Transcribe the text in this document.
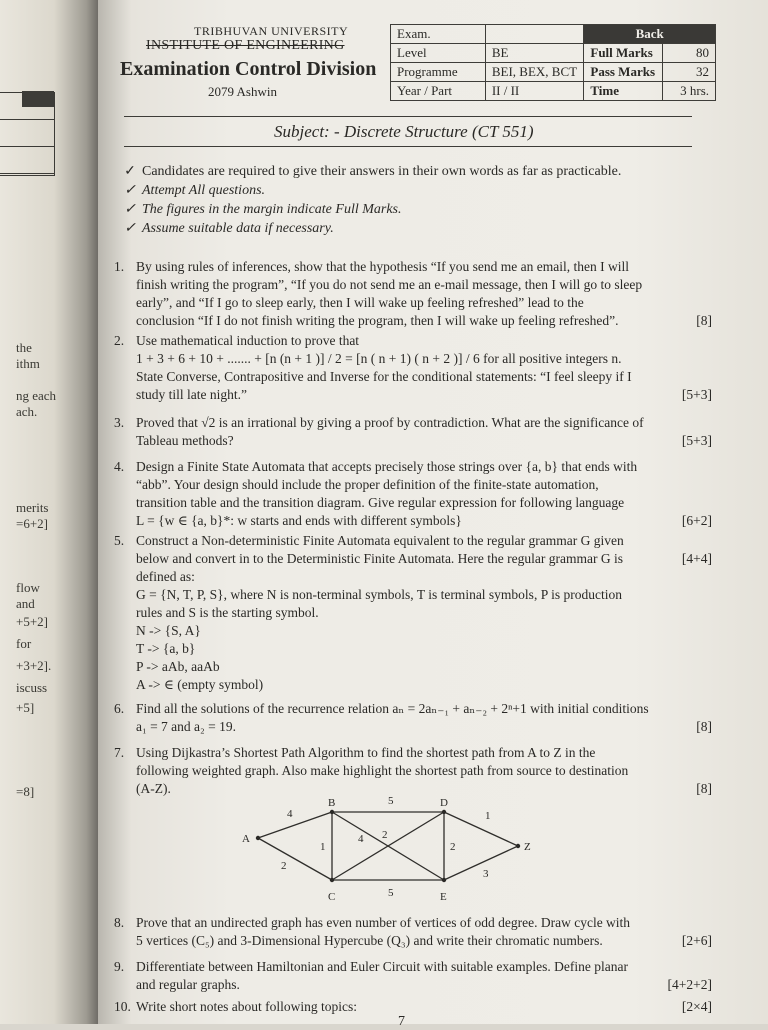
the
ithm
ng each
ach.
merits
=6+2]
flow
and
+5+2]
for
+3+2].
iscuss
+5]
=8]
TRIBHUVAN UNIVERSITY
INSTITUTE OF ENGINEERING
Examination Control Division
2079 Ashwin
Exam.		Back	
Level	BE	Full Marks	80
Programme	BEI, BEX, BCT	Pass Marks	32
Year / Part	II / II	Time	3 hrs.
Subject: - Discrete Structure (CT 551)
✓ Candidates are required to give their answers in their own words as far as practicable.
✓ Attempt All questions.
✓ The figures in the margin indicate Full Marks.
✓ Assume suitable data if necessary.
1. By using rules of inferences, show that the hypothesis “If you send me an email, then I will
finish writing the program”, “If you do not send me an e-mail message, then I will go to sleep
early”, and “If I go to sleep early, then I will wake up feeling refreshed” lead to the
conclusion “If I do not finish writing the program, then I will wake up feeling refreshed”.	[8]
2. Use mathematical induction to prove that
1 + 3 + 6 + 10 + ....... + [n (n + 1 )] / 2 = [n ( n + 1) ( n + 2 )] / 6 for all positive integers n.
State Converse, Contrapositive and Inverse for the conditional statements: “I feel sleepy if I
study till late night.”	[5+3]
3. Proved that √2 is an irrational by giving a proof by contradiction. What are the significance of
Tableau methods?	[5+3]
4. Design a Finite State Automata that accepts precisely those strings over {a, b} that ends with
“abb”. Your design should include the proper definition of the finite-state automation,
transition table and the transition diagram. Give regular expression for following language
L = {w ∈ {a, b}*: w starts and ends with different symbols}	[6+2]
5. Construct a Non-deterministic Finite Automata equivalent to the regular grammar G given
below and convert in to the Deterministic Finite Automata. Here the regular grammar G is
defined as:
G = {N, T, P, S}, where N is non-terminal symbols, T is terminal symbols, P is production
rules and S is the starting symbol.
N -> {S, A}
T -> {a, b}
P -> aAb, aaAb
A -> ∈ (empty symbol)
[4+4]
6. Find all the solutions of the recurrence relation aₙ = 2aₙ₋₁ + aₙ₋₂ + 2ⁿ+1 with initial conditions
a₁ = 7 and a₂ = 19.	[8]
7. Using Dijkastra’s Shortest Path Algorithm to find the shortest path from A to Z in the
following weighted graph. Also make highlight the shortest path from source to destination
(A-Z).	[8]
8. Prove that an undirected graph has even number of vertices of odd degree. Draw cycle with
5 vertices (C₅) and 3-Dimensional Hypercube (Q₃) and write their chromatic numbers.	[2+6]
9. Differentiate between Hamiltonian and Euler Circuit with suitable examples. Define planar
and regular graphs.	[4+2+2]
10. Write short notes about following topics:	[2×4]
4
2
5
1
4 2
5
2
1
3
A
B
C
D
E
Z
7
